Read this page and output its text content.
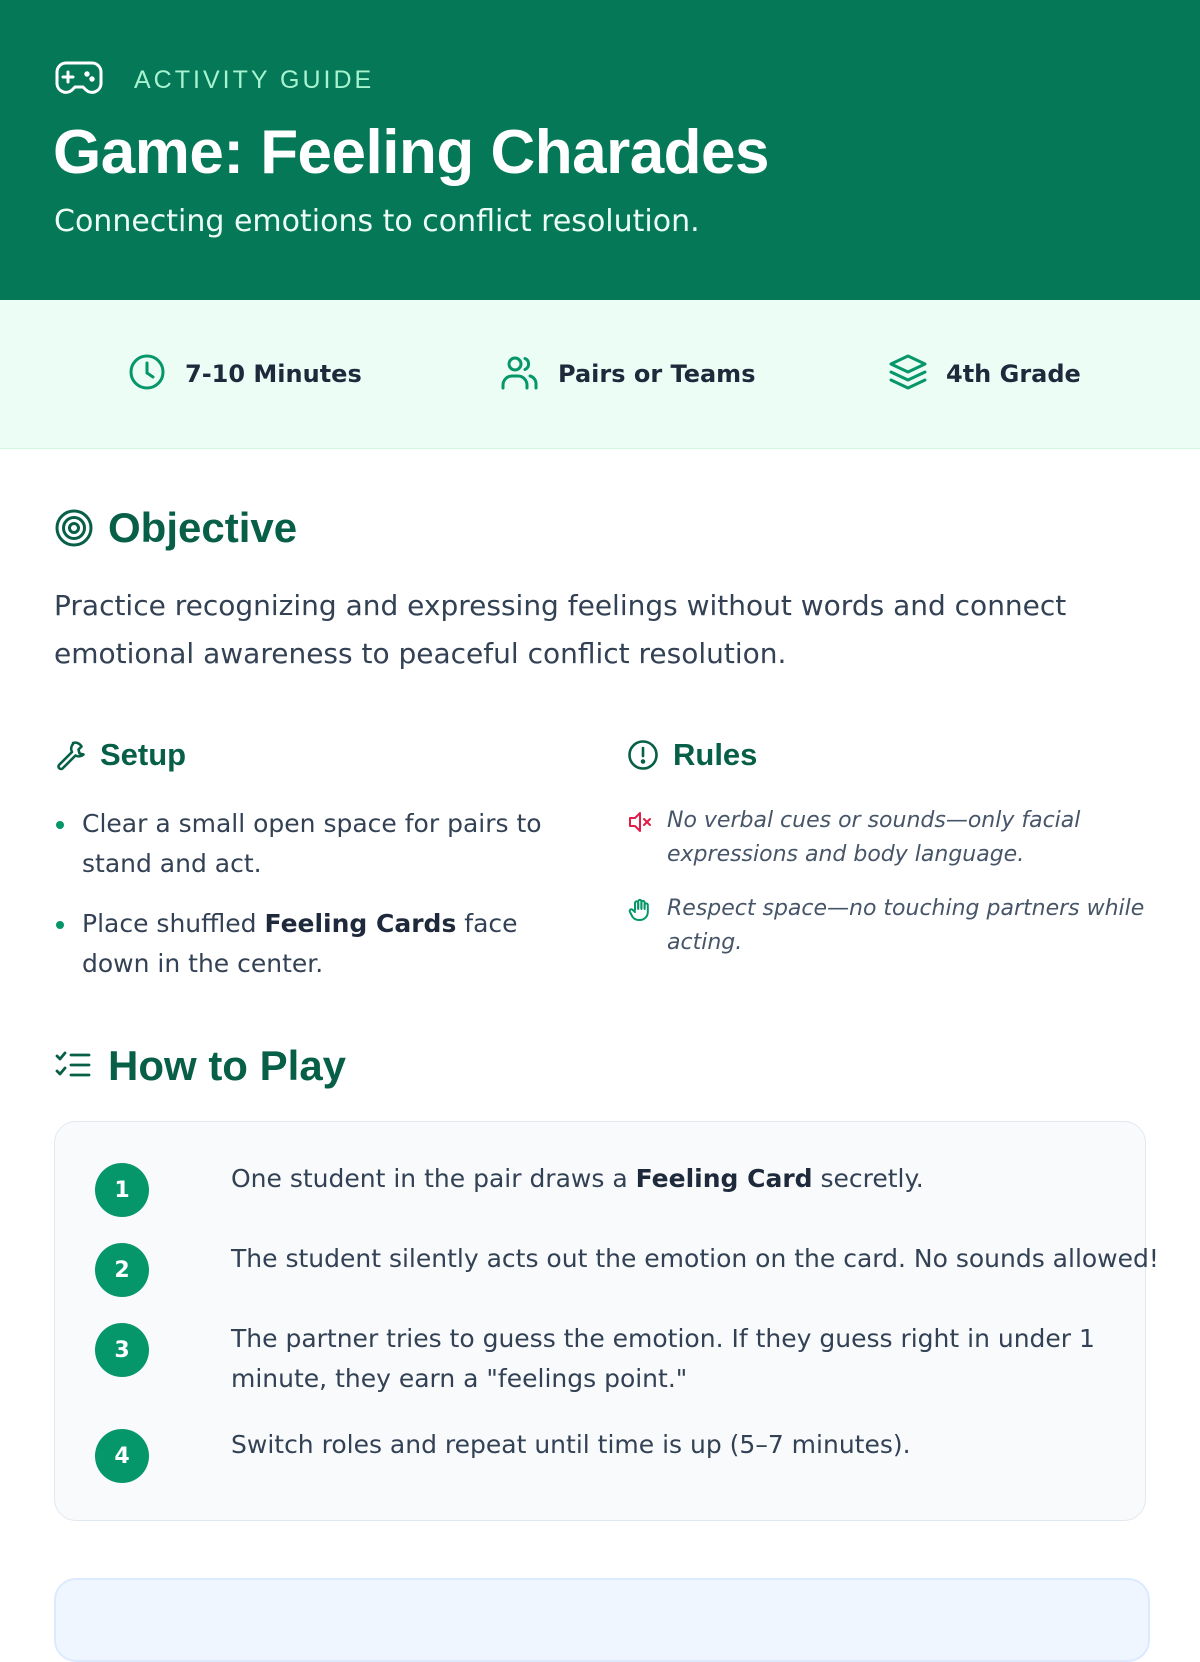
ACTIVITY GUIDE
Game: Feeling Charades
Connecting emotions to conflict resolution.
7-10 Minutes	Pairs or Teams	4th Grade
Objective

Practice recognizing and expressing feelings without words and connect emotional awareness to peaceful conflict resolution.

Setup
Clear a small open space for pairs to stand and act.
Place shuffled Feeling Cards face down in the center.
Rules
No verbal cues or sounds—only facial expressions and body language.
Respect space—no touching partners while acting.
How to Play
1	One student in the pair draws a Feeling Card secretly.
2	The student silently acts out the emotion on the card. No sounds allowed!
3	The partner tries to guess the emotion. If they guess right in under 1 minute, they earn a "feelings point."
4	Switch roles and repeat until time is up (5–7 minutes).
